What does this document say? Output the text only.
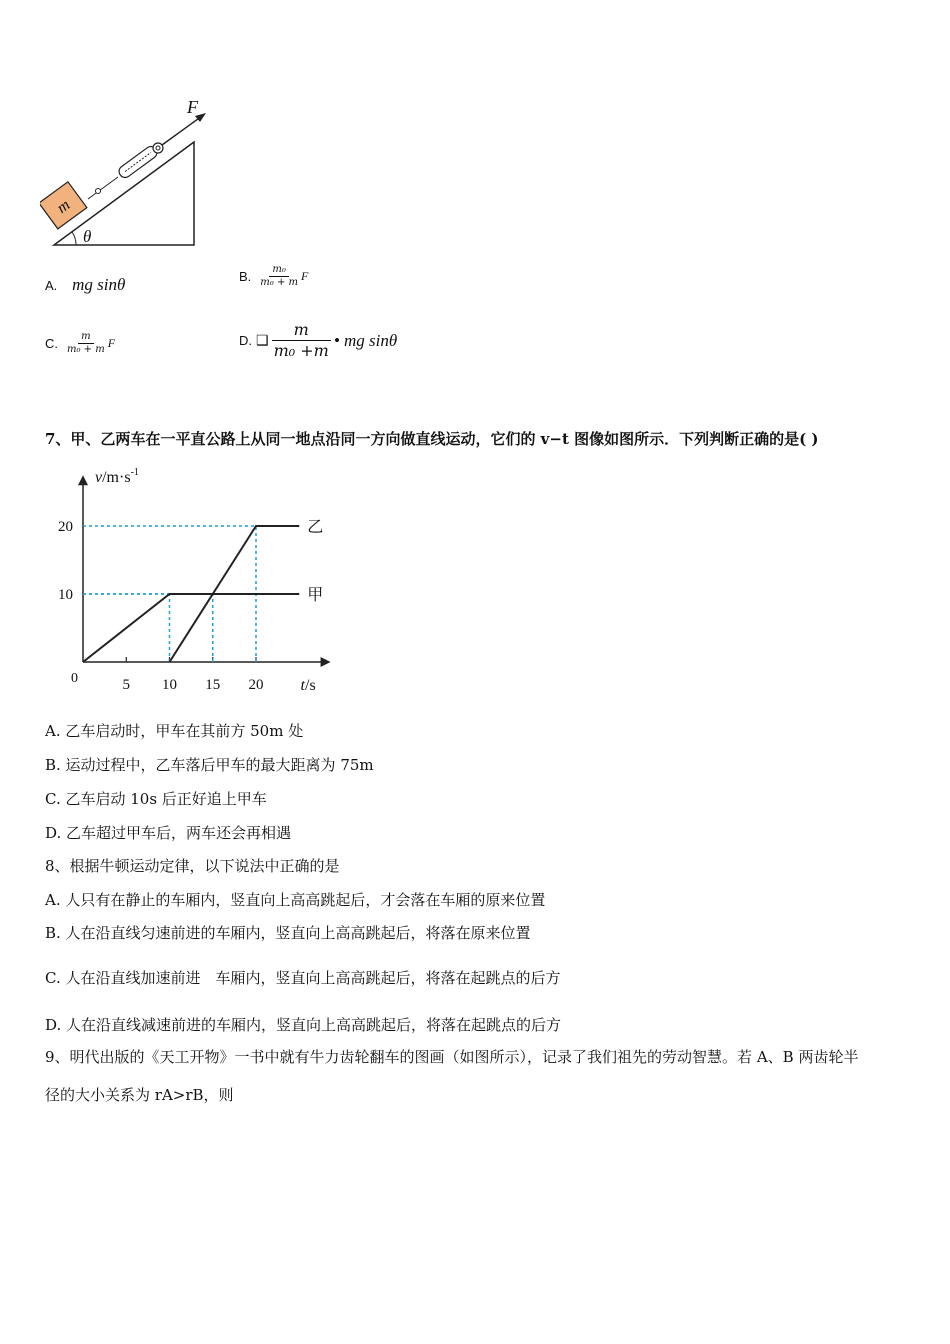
θ
m
F
A. mg sinθ	B. $\frac{\text{m₀}}{\text{m₀ + m}}$ F
C. $\frac{m}{\text{m₀ + m}}$ F	D. ❑ $\frac{m}{\text{m₀ +m}}$ • mg sinθ
7、甲、乙两车在一平直公路上从同一地点沿同一方向做直线运动，它们的 v−t 图像如图所示．下列判断正确的是( )
$v/m\cdot s^{-1}$
t/s
0	5 10 15 20
10
20
甲
乙
A. 乙车启动时，甲车在其前方 50m 处
B. 运动过程中，乙车落后甲车的最大距离为 75m
C. 乙车启动 10s 后正好追上甲车
D. 乙车超过甲车后，两车还会再相遇
8、根据牛顿运动定律，以下说法中正确的是
A. 人只有在静止的车厢内，竖直向上高高跳起后，才会落在车厢的原来位置
B. 人在沿直线匀速前进的车厢内，竖直向上高高跳起后，将落在原来位置
C. 人在沿直线加速前进　车厢内，竖直向上高高跳起后，将落在起跳点的后方
D. 人在沿直线减速前进的车厢内，竖直向上高高跳起后，将落在起跳点的后方
9、明代出版的《天工开物》一书中就有牛力齿轮翻车的图画（如图所示），记录了我们祖先的劳动智慧。若 A、B 两齿轮半
径的大小关系为 rA>rB，则
